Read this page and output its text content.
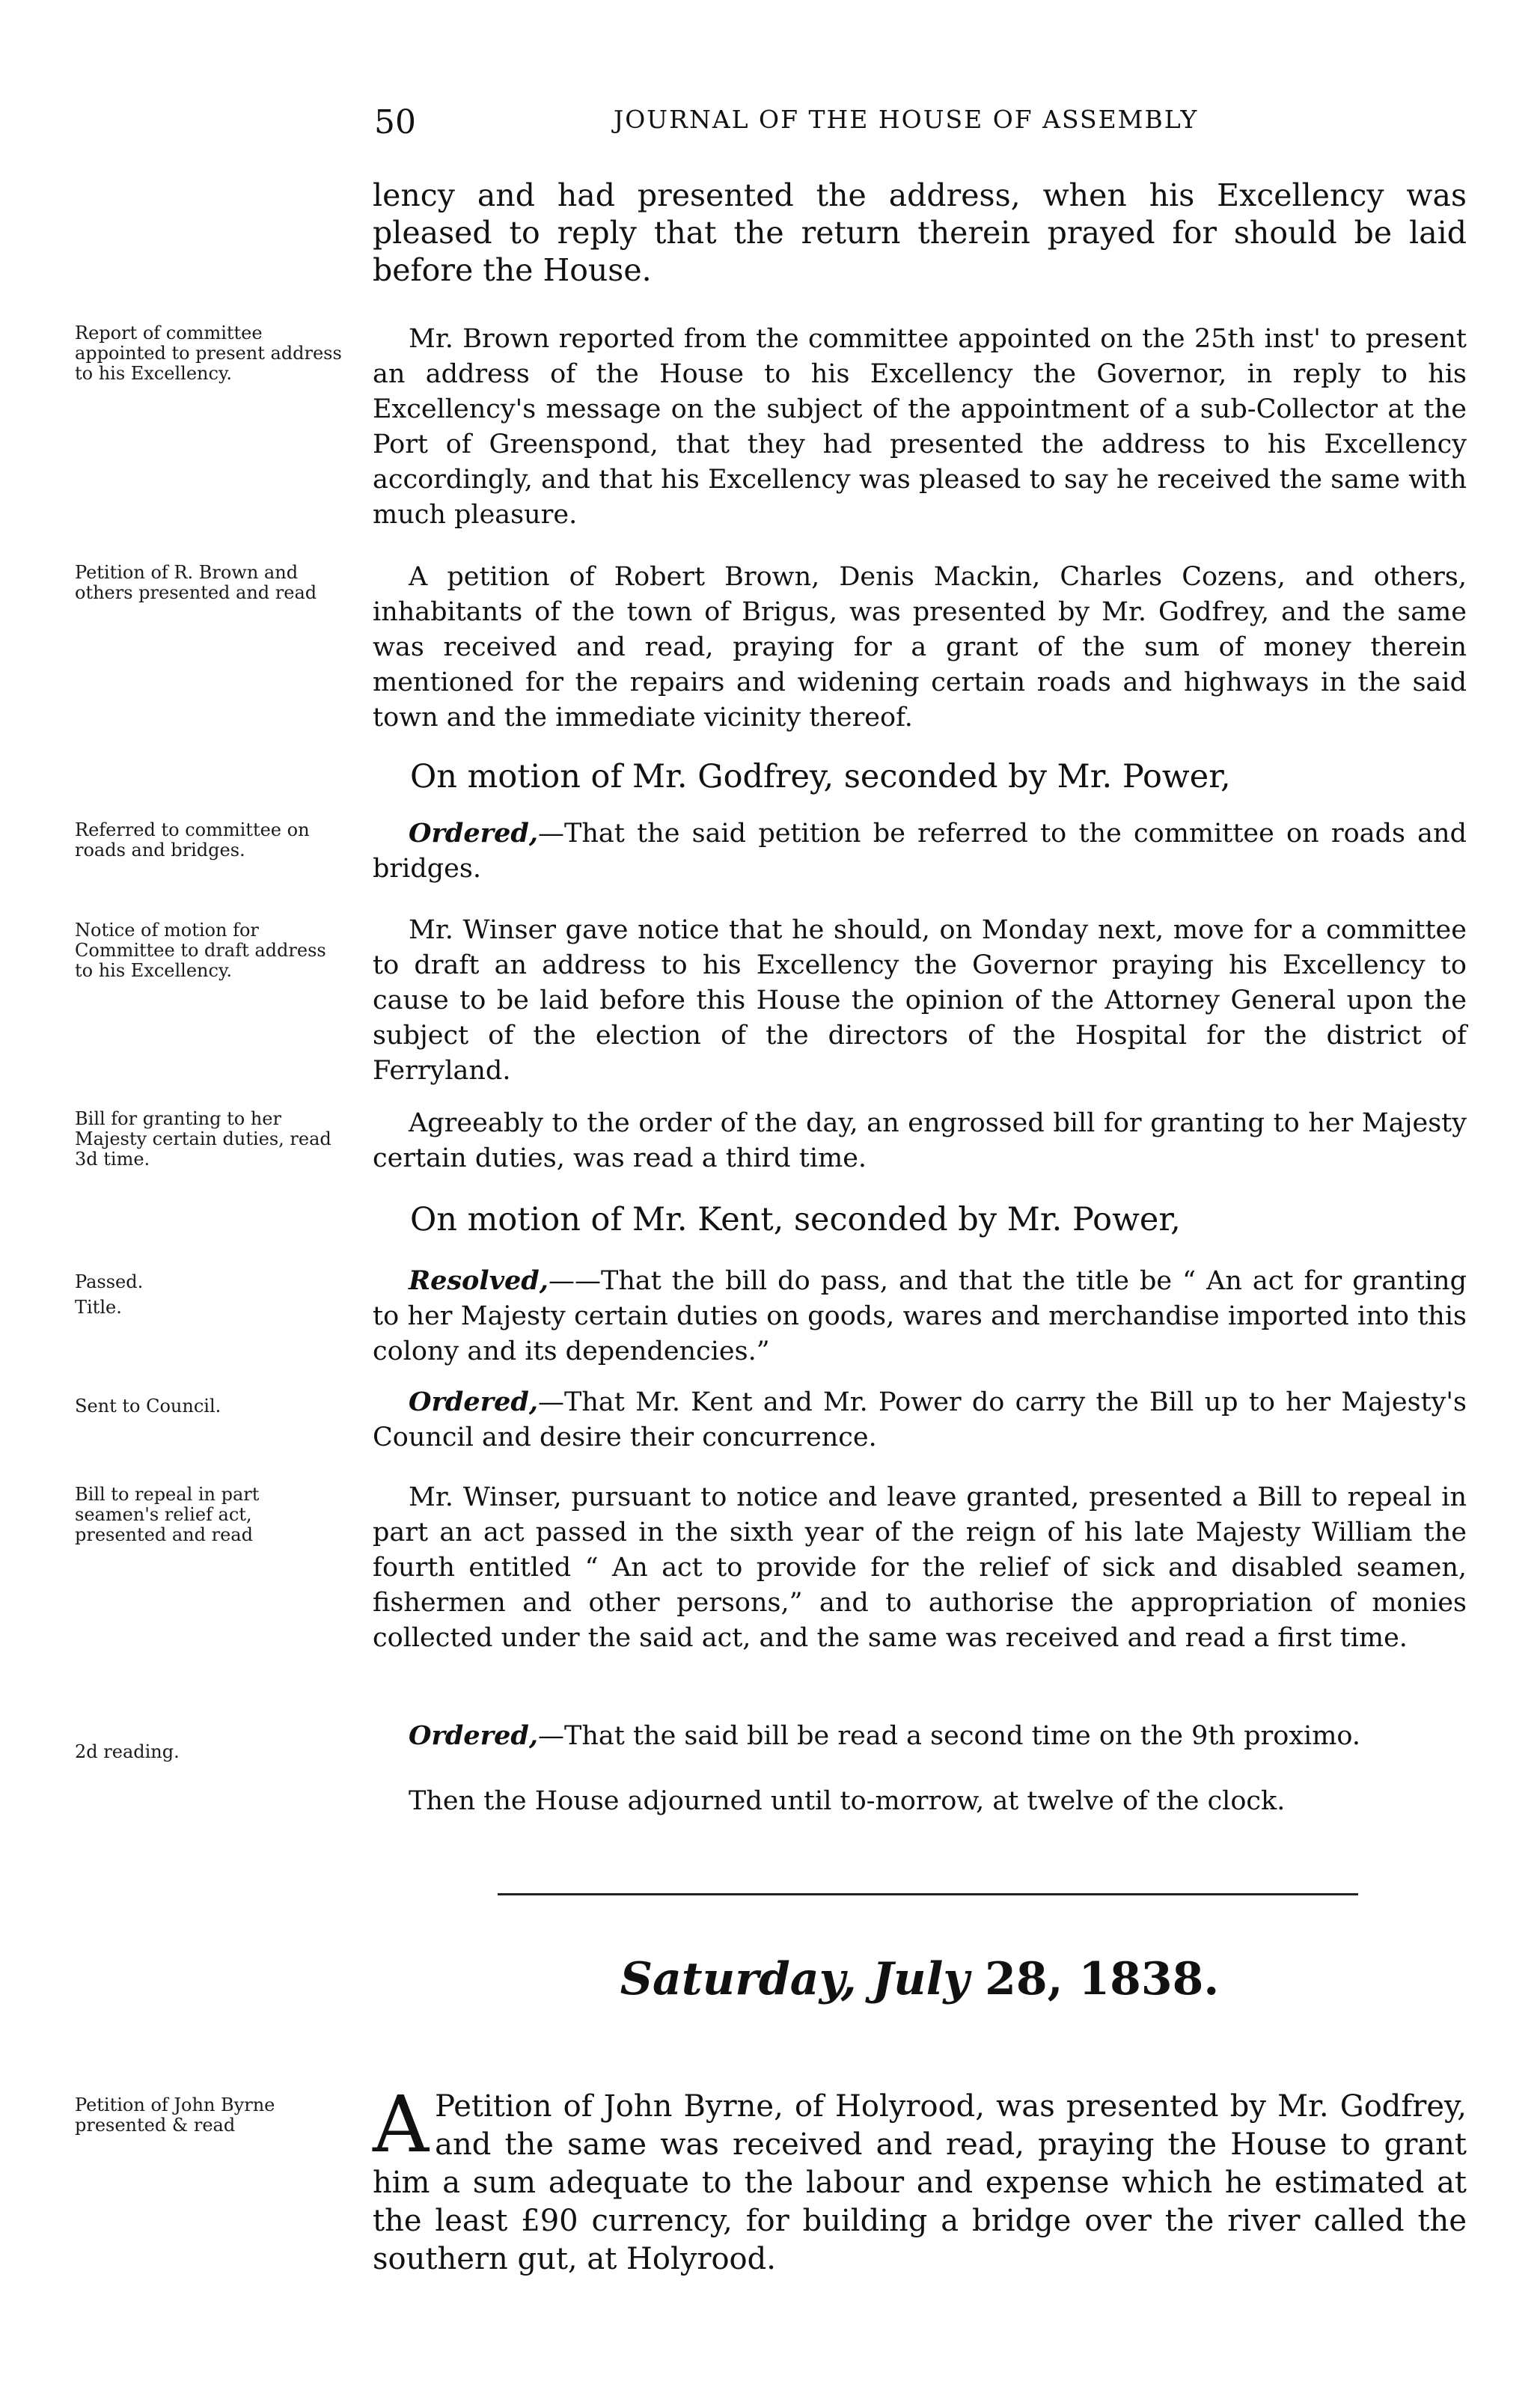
50	JOURNAL OF THE HOUSE OF ASSEMBLY
Report of committee appointed to present address to his Excellency.
Petition of R. Brown and others presented and read
Referred to committee on roads and bridges.
Notice of motion for Committee to draft address to his Excellency.
Bill for granting to her Majesty certain duties, read 3d time.
Passed.
Title.
Sent to Council.
Bill to repeal in part seamen's relief act, presented and read
2d reading.
Petition of John Byrne presented & read
lency and had presented the address, when his Excellency was pleased to reply that the return therein prayed for should be laid before the House.
Mr. Brown reported from the committee appointed on the 25th inst' to present an address of the House to his Excellency the Governor, in reply to his Excellency's message on the subject of the appointment of a sub-Collector at the Port of Greenspond, that they had presented the address to his Excellency accordingly, and that his Excellency was pleased to say he received the same with much pleasure.
A petition of Robert Brown, Denis Mackin, Charles Cozens, and others, inhabitants of the town of Brigus, was presented by Mr. Godfrey, and the same was received and read, praying for a grant of the sum of money therein mentioned for the repairs and widening certain roads and highways in the said town and the immediate vicinity thereof.
On motion of Mr. Godfrey, seconded by Mr. Power,
Ordered,—That the said petition be referred to the committee on roads and bridges.
Mr. Winser gave notice that he should, on Monday next, move for a committee to draft an address to his Excellency the Governor praying his Excellency to cause to be laid before this House the opinion of the Attorney General upon the subject of the election of the directors of the Hospital for the district of Ferryland.
Agreeably to the order of the day, an engrossed bill for granting to her Majesty certain duties, was read a third time.
On motion of Mr. Kent, seconded by Mr. Power,
Resolved,——That the bill do pass, and that the title be “ An act for granting to her Majesty certain duties on goods, wares and merchandise imported into this colony and its dependencies.”
Ordered,—That Mr. Kent and Mr. Power do carry the Bill up to her Majesty's Council and desire their concurrence.
Mr. Winser, pursuant to notice and leave granted, presented a Bill to repeal in part an act passed in the sixth year of the reign of his late Majesty William the fourth entitled “ An act to provide for the relief of sick and disabled seamen, fishermen and other persons,” and to authorise the appropriation of monies collected under the said act, and the same was received and read a first time.
Ordered,—That the said bill be read a second time on the 9th proximo.
Then the House adjourned until to-morrow, at twelve of the clock.
Saturday, July 28, 1838.
A Petition of John Byrne, of Holyrood, was presented by Mr. Godfrey, and the same was received and read, praying the House to grant him a sum adequate to the labour and expense which he estimated at the least £90 currency, for building a bridge over the river called the southern gut, at Holyrood.
